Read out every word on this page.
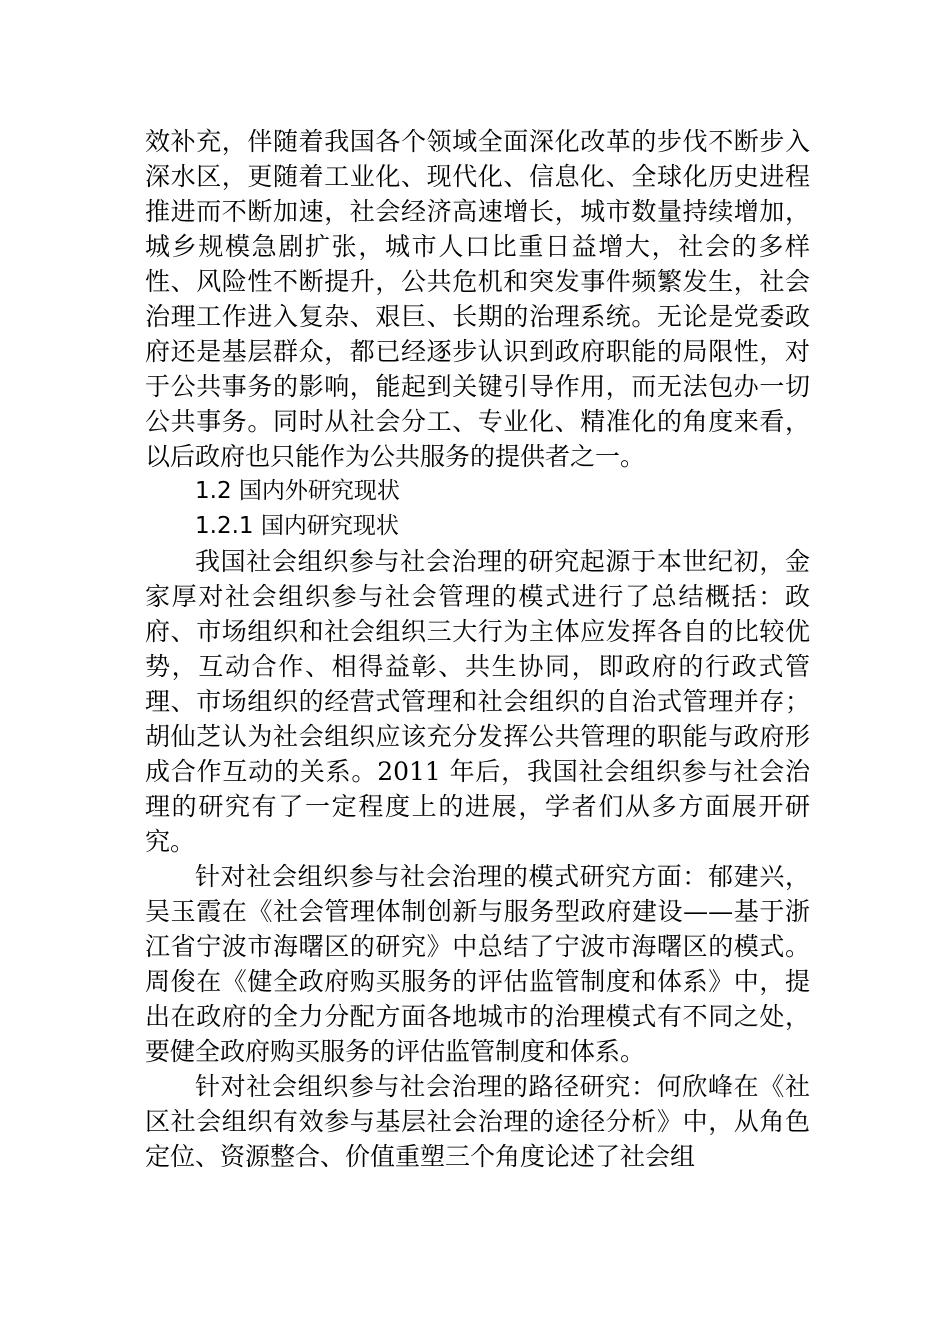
效补充，伴随着我国各个领域全面深化改革的步伐不断步入深水区，更随着工业化、现代化、信息化、全球化历史进程推进而不断加速，社会经济高速增长，城市数量持续增加，城乡规模急剧扩张，城市人口比重日益增大，社会的多样性、风险性不断提升，公共危机和突发事件频繁发生，社会治理工作进入复杂、艰巨、长期的治理系统。无论是党委政府还是基层群众，都已经逐步认识到政府职能的局限性，对于公共事务的影响，能起到关键引导作用，而无法包办一切公共事务。同时从社会分工、专业化、精准化的角度来看，以后政府也只能作为公共服务的提供者之一。

1.2 国内外研究现状

1.2.1 国内研究现状

我国社会组织参与社会治理的研究起源于本世纪初，金家厚对社会组织参与社会管理的模式进行了总结概括：政府、市场组织和社会组织三大行为主体应发挥各自的比较优势，互动合作、相得益彰、共生协同，即政府的行政式管理、市场组织的经营式管理和社会组织的自治式管理并存；胡仙芝认为社会组织应该充分发挥公共管理的职能与政府形成合作互动的关系。2011 年后，我国社会组织参与社会治理的研究有了一定程度上的进展，学者们从多方面展开研究。

针对社会组织参与社会治理的模式研究方面：郁建兴，吴玉霞在《社会管理体制创新与服务型政府建设——基于浙江省宁波市海曙区的研究》中总结了宁波市海曙区的模式。周俊在《健全政府购买服务的评估监管制度和体系》中，提出在政府的全力分配方面各地城市的治理模式有不同之处，要健全政府购买服务的评估监管制度和体系。

针对社会组织参与社会治理的路径研究：何欣峰在《社区社会组织有效参与基层社会治理的途径分析》中，从角色定位、资源整合、价值重塑三个角度论述了社会组
